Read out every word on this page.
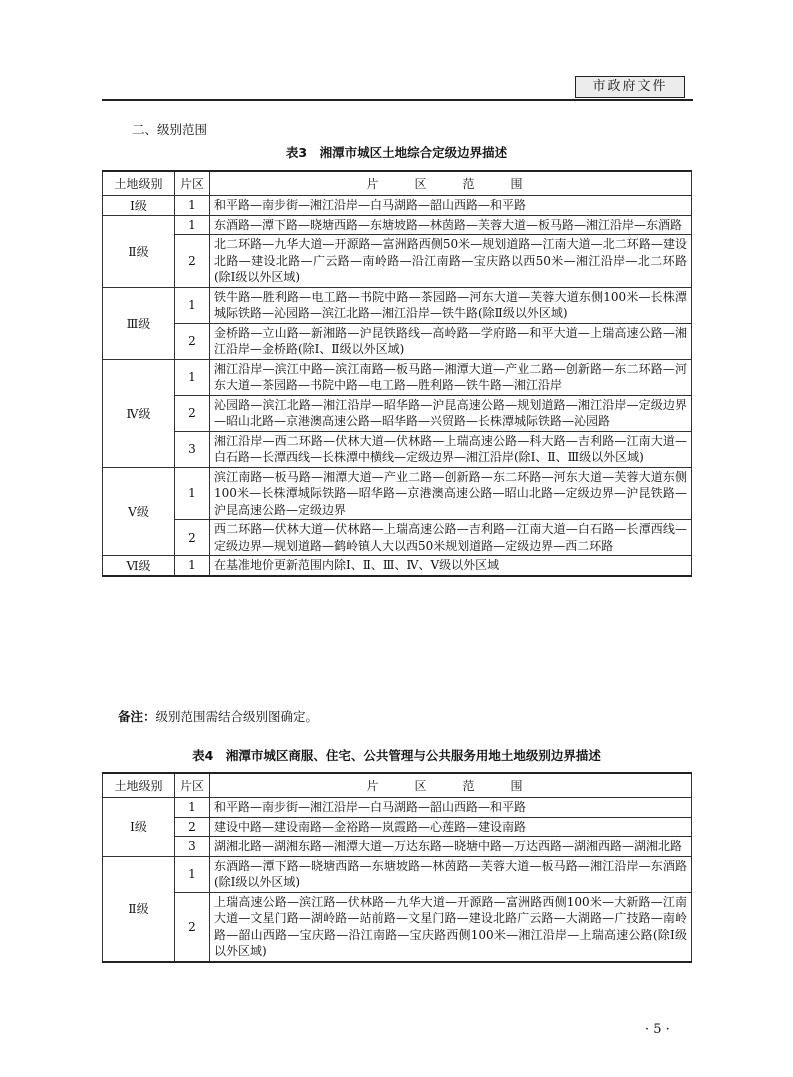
市政府文件
二、级别范围
表3　湘潭市城区土地综合定级边界描述
土地级别	片区	片　区　范　围
Ⅰ级	1	和平路—南步街—湘江沿岸—白马湖路—韶山西路—和平路
Ⅱ级	1	东酒路—潭下路—晓塘西路—东塘坡路—林茵路—芙蓉大道—板马路—湘江沿岸—东酒路
	2	北二环路—九华大道—开源路—富洲路西侧50米—规划道路—江南大道—北二环路—建设北路—建设北路—广云路—南岭路—沿江南路—宝庆路以西50米—湘江沿岸—北二环路(除Ⅰ级以外区域)
Ⅲ级	1	铁牛路—胜利路—电工路—书院中路—茶园路—河东大道—芙蓉大道东侧100米—长株潭城际铁路—沁园路—滨江北路—湘江沿岸—铁牛路(除Ⅱ级以外区域)
	2	金桥路—立山路—新湘路—沪昆铁路线—高岭路—学府路—和平大道—上瑞高速公路—湘江沿岸—金桥路(除Ⅰ、Ⅱ级以外区域)
Ⅳ级	1	湘江沿岸—滨江中路—滨江南路—板马路—湘潭大道—产业二路—创新路—东二环路—河东大道—茶园路—书院中路—电工路—胜利路—铁牛路—湘江沿岸
	2	沁园路—滨江北路—湘江沿岸—昭华路—沪昆高速公路—规划道路—湘江沿岸—定级边界—昭山北路—京港澳高速公路—昭华路—兴贸路—长株潭城际铁路—沁园路
	3	湘江沿岸—西二环路—伏林大道—伏林路—上瑞高速公路—科大路—吉利路—江南大道—白石路—长潭西线—长株潭中横线—定级边界—湘江沿岸(除Ⅰ、Ⅱ、Ⅲ级以外区域)
Ⅴ级	1	滨江南路—板马路—湘潭大道—产业二路—创新路—东二环路—河东大道—芙蓉大道东侧100米—长株潭城际铁路—昭华路—京港澳高速公路—昭山北路—定级边界—沪昆铁路—沪昆高速公路—定级边界
	2	西二环路—伏林大道—伏林路—上瑞高速公路—吉利路—江南大道—白石路—长潭西线—定级边界—规划道路—鹤岭镇人大以西50米规划道路—定级边界—西二环路
Ⅵ级	1	在基准地价更新范围内除Ⅰ、Ⅱ、Ⅲ、Ⅳ、Ⅴ级以外区域
备注：级别范围需结合级别图确定。
表4　湘潭市城区商服、住宅、公共管理与公共服务用地土地级别边界描述
土地级别	片区	片　区　范　围
Ⅰ级	1	和平路—南步街—湘江沿岸—白马湖路—韶山西路—和平路
	2	建设中路—建设南路—金裕路—岚霞路—心莲路—建设南路
	3	湖湘北路—湖湘东路—湘潭大道—万达东路—晓塘中路—万达西路—湖湘西路—湖湘北路
Ⅱ级	1	东酒路—潭下路—晓塘西路—东塘坡路—林茵路—芙蓉大道—板马路—湘江沿岸—东酒路(除Ⅰ级以外区域)
	2	上瑞高速公路—滨江路—伏林路—九华大道—开源路—富洲路西侧100米—大新路—江南大道—文星门路—湖岭路—站前路—文星门路—建设北路广云路—大湖路—广技路—南岭路—韶山西路—宝庆路—沿江南路—宝庆路西侧100米—湘江沿岸—上瑞高速公路(除Ⅰ级以外区域)
· 5 ·
